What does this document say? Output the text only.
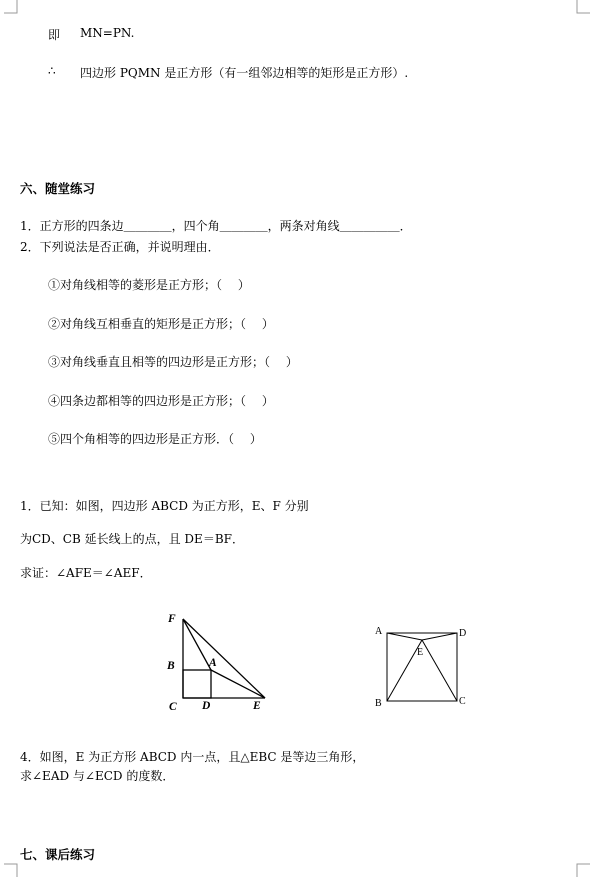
即 MN=PN.
∴ 四边形 PQMN 是正方形（有一组邻边相等的矩形是正方形）.
六、随堂练习
1．正方形的四条边＿＿＿＿，四个角＿＿＿＿，两条对角线＿＿＿＿＿．
2．下列说法是否正确，并说明理由．
①对角线相等的菱形是正方形；（　 ）
②对角线互相垂直的矩形是正方形；（　 ）
③对角线垂直且相等的四边形是正方形；（　 ）
④四条边都相等的四边形是正方形；（　 ）
⑤四个角相等的四边形是正方形．（　 ）
1．已知：如图，四边形 ABCD 为正方形，E、F 分别
为CD、CB 延长线上的点，且 DE＝BF．
求证：∠AFE＝∠AEF．
F
B	A
C D	E
A	D
E
B	C
4．如图，E 为正方形 ABCD 内一点，且△EBC 是等边三角形，
求∠EAD 与∠ECD 的度数．
七、课后练习
